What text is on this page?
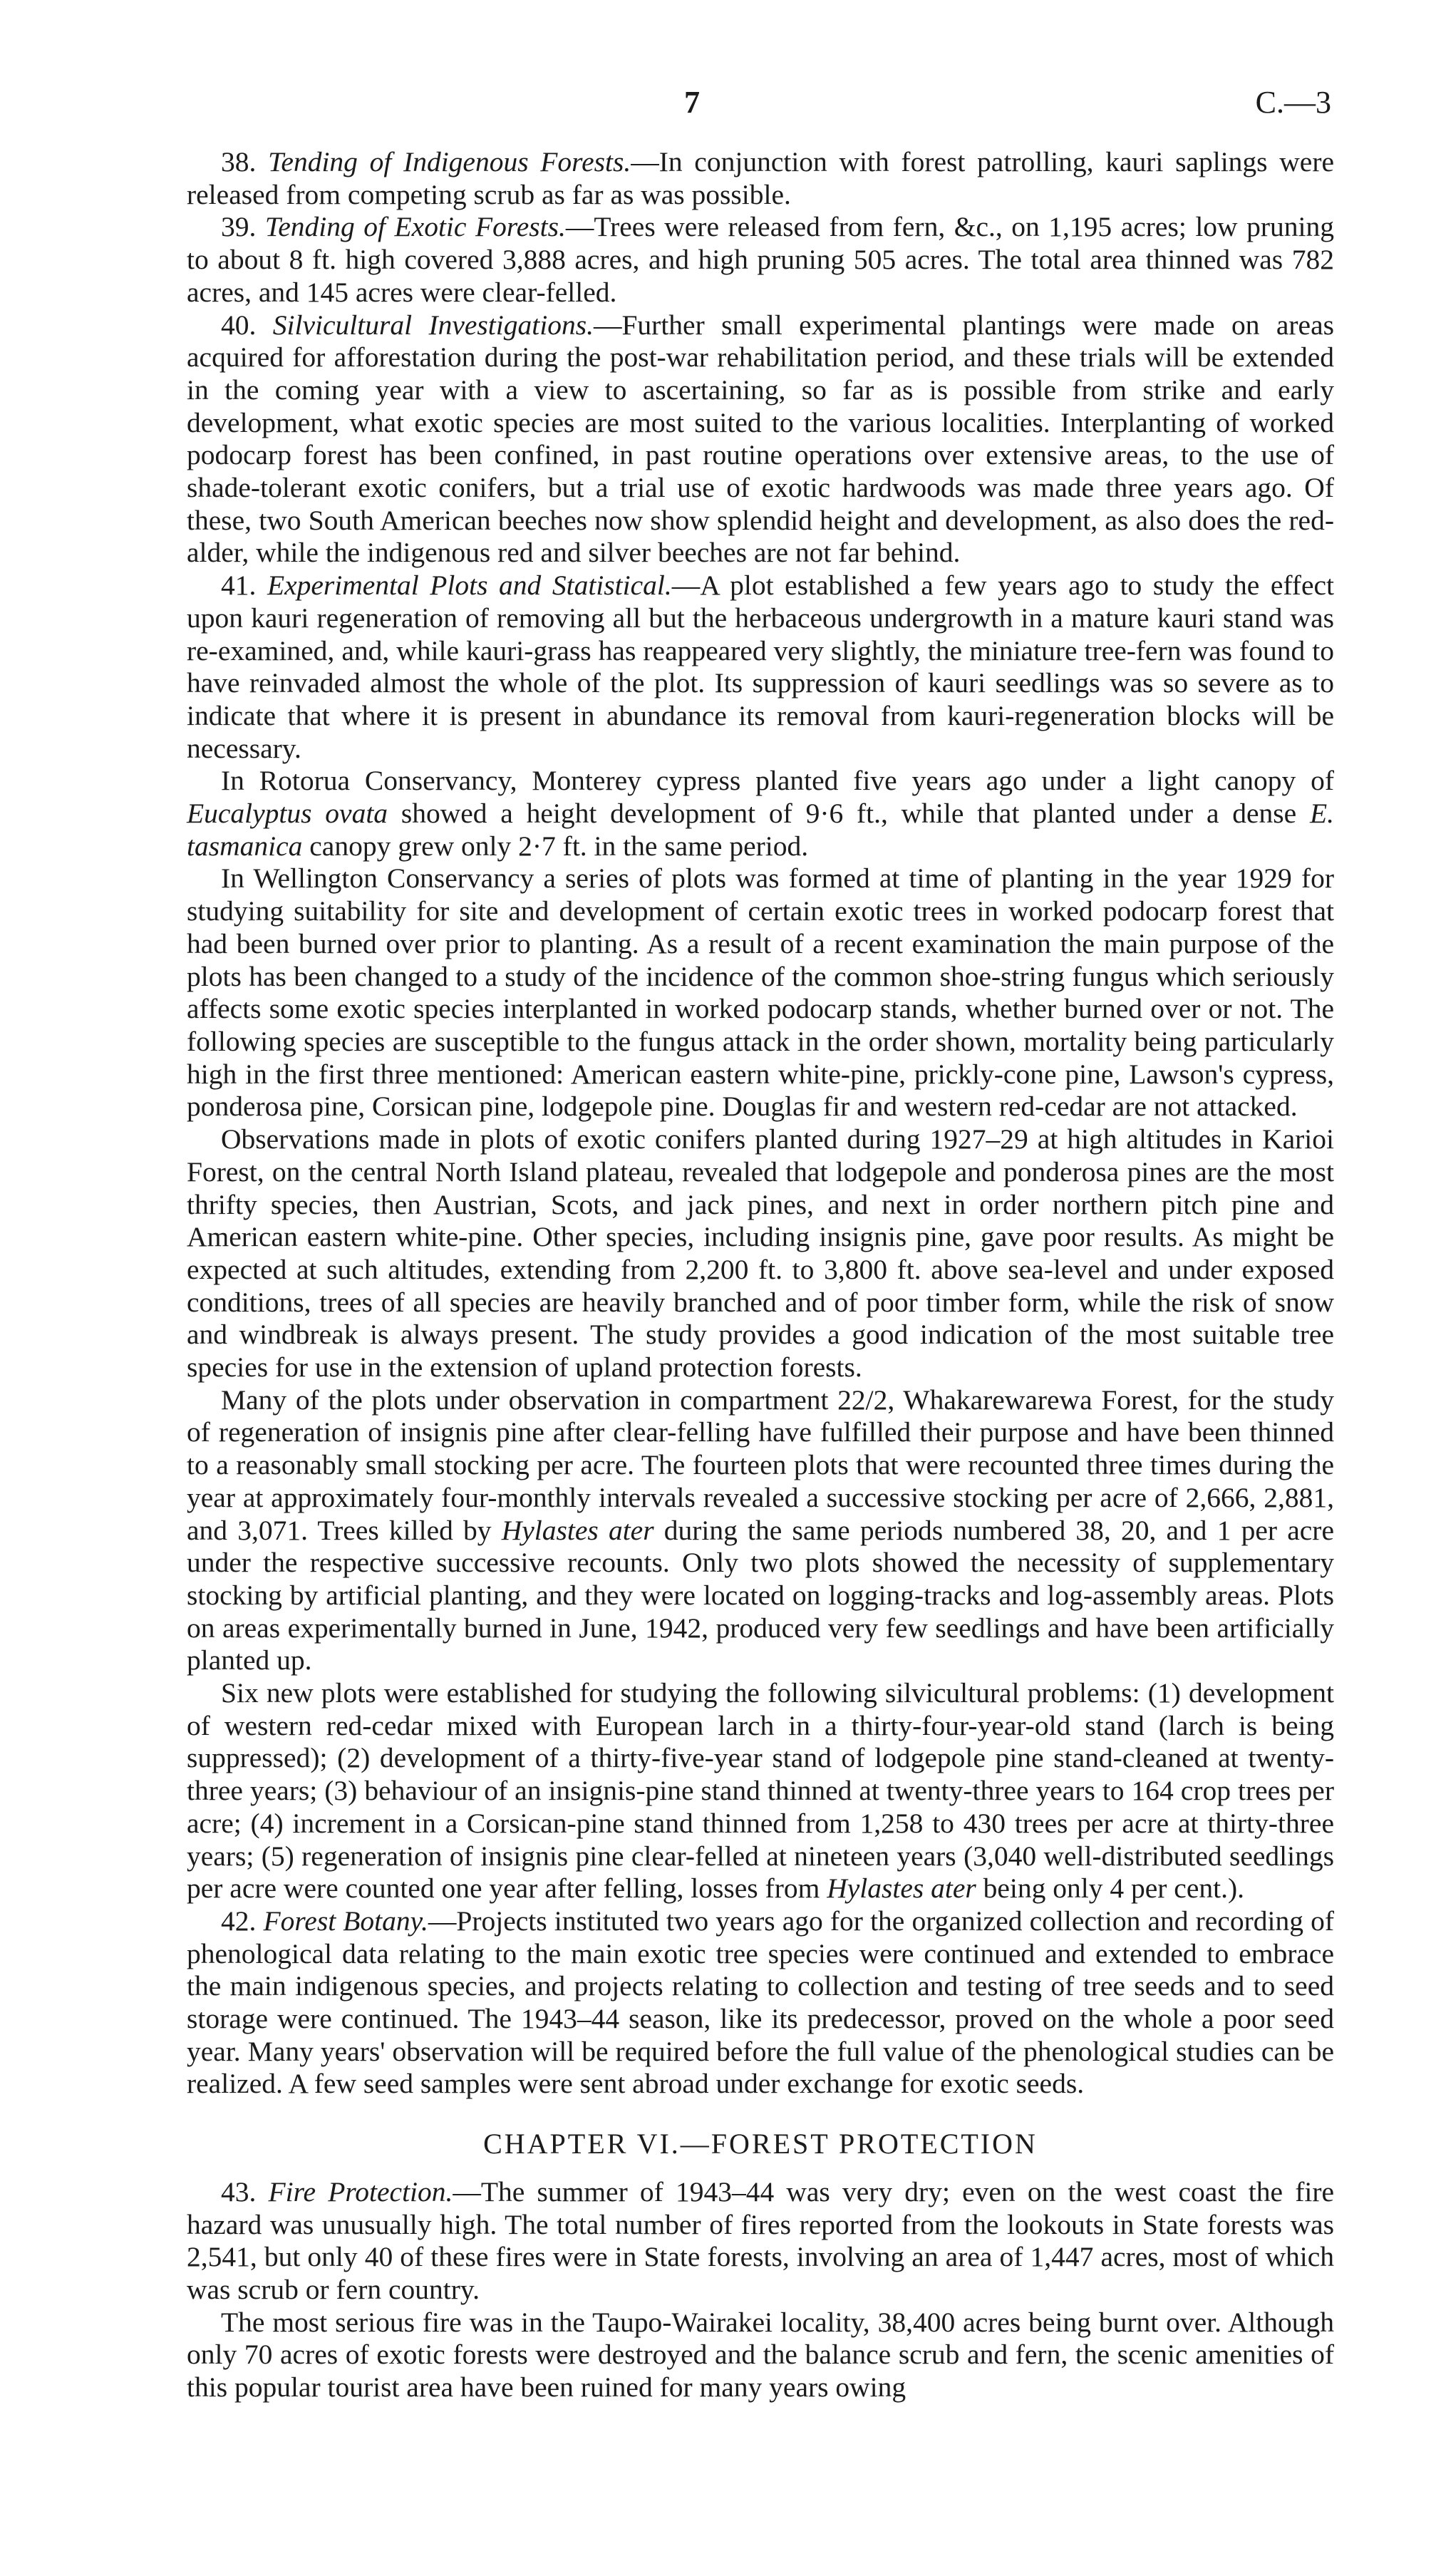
7	C.—3

38. Tending of Indigenous Forests.—In conjunction with forest patrolling, kauri saplings were released from competing scrub as far as was possible.

39. Tending of Exotic Forests.—Trees were released from fern, &c., on 1,195 acres; low pruning to about 8 ft. high covered 3,888 acres, and high pruning 505 acres. The total area thinned was 782 acres, and 145 acres were clear-felled.

40. Silvicultural Investigations.—Further small experimental plantings were made on areas acquired for afforestation during the post-war rehabilitation period, and these trials will be extended in the coming year with a view to ascertaining, so far as is possible from strike and early development, what exotic species are most suited to the various localities. Interplanting of worked podocarp forest has been confined, in past routine operations over extensive areas, to the use of shade-tolerant exotic conifers, but a trial use of exotic hardwoods was made three years ago. Of these, two South American beeches now show splendid height and development, as also does the red-alder, while the indigenous red and silver beeches are not far behind.

41. Experimental Plots and Statistical.—A plot established a few years ago to study the effect upon kauri regeneration of removing all but the herbaceous undergrowth in a mature kauri stand was re-examined, and, while kauri-grass has reappeared very slightly, the miniature tree-fern was found to have reinvaded almost the whole of the plot. Its suppression of kauri seedlings was so severe as to indicate that where it is present in abundance its removal from kauri-regeneration blocks will be necessary.

In Rotorua Conservancy, Monterey cypress planted five years ago under a light canopy of Eucalyptus ovata showed a height development of 9·6 ft., while that planted under a dense E. tasmanica canopy grew only 2·7 ft. in the same period.

In Wellington Conservancy a series of plots was formed at time of planting in the year 1929 for studying suitability for site and development of certain exotic trees in worked podocarp forest that had been burned over prior to planting. As a result of a recent examination the main purpose of the plots has been changed to a study of the incidence of the common shoe-string fungus which seriously affects some exotic species interplanted in worked podocarp stands, whether burned over or not. The following species are susceptible to the fungus attack in the order shown, mortality being particularly high in the first three mentioned: American eastern white-pine, prickly-cone pine, Lawson's cypress, ponderosa pine, Corsican pine, lodgepole pine. Douglas fir and western red-cedar are not attacked.

Observations made in plots of exotic conifers planted during 1927–29 at high altitudes in Karioi Forest, on the central North Island plateau, revealed that lodgepole and ponderosa pines are the most thrifty species, then Austrian, Scots, and jack pines, and next in order northern pitch pine and American eastern white-pine. Other species, including insignis pine, gave poor results. As might be expected at such altitudes, extending from 2,200 ft. to 3,800 ft. above sea-level and under exposed conditions, trees of all species are heavily branched and of poor timber form, while the risk of snow and windbreak is always present. The study provides a good indication of the most suitable tree species for use in the extension of upland protection forests.

Many of the plots under observation in compartment 22/2, Whakarewarewa Forest, for the study of regeneration of insignis pine after clear-felling have fulfilled their purpose and have been thinned to a reasonably small stocking per acre. The fourteen plots that were recounted three times during the year at approximately four-monthly intervals revealed a successive stocking per acre of 2,666, 2,881, and 3,071. Trees killed by Hylastes ater during the same periods numbered 38, 20, and 1 per acre under the respective successive recounts. Only two plots showed the necessity of supplementary stocking by artificial planting, and they were located on logging-tracks and log-assembly areas. Plots on areas experimentally burned in June, 1942, produced very few seedlings and have been artificially planted up.

Six new plots were established for studying the following silvicultural problems: (1) development of western red-cedar mixed with European larch in a thirty-four-year-old stand (larch is being suppressed); (2) development of a thirty-five-year stand of lodgepole pine stand-cleaned at twenty-three years; (3) behaviour of an insignis-pine stand thinned at twenty-three years to 164 crop trees per acre; (4) increment in a Corsican-pine stand thinned from 1,258 to 430 trees per acre at thirty-three years; (5) regeneration of insignis pine clear-felled at nineteen years (3,040 well-distributed seedlings per acre were counted one year after felling, losses from Hylastes ater being only 4 per cent.).

42. Forest Botany.—Projects instituted two years ago for the organized collection and recording of phenological data relating to the main exotic tree species were continued and extended to embrace the main indigenous species, and projects relating to collection and testing of tree seeds and to seed storage were continued. The 1943–44 season, like its predecessor, proved on the whole a poor seed year. Many years' observation will be required before the full value of the phenological studies can be realized. A few seed samples were sent abroad under exchange for exotic seeds.

CHAPTER VI.—FOREST PROTECTION

43. Fire Protection.—The summer of 1943–44 was very dry; even on the west coast the fire hazard was unusually high. The total number of fires reported from the lookouts in State forests was 2,541, but only 40 of these fires were in State forests, involving an area of 1,447 acres, most of which was scrub or fern country.

The most serious fire was in the Taupo-Wairakei locality, 38,400 acres being burnt over. Although only 70 acres of exotic forests were destroyed and the balance scrub and fern, the scenic amenities of this popular tourist area have been ruined for many years owing
